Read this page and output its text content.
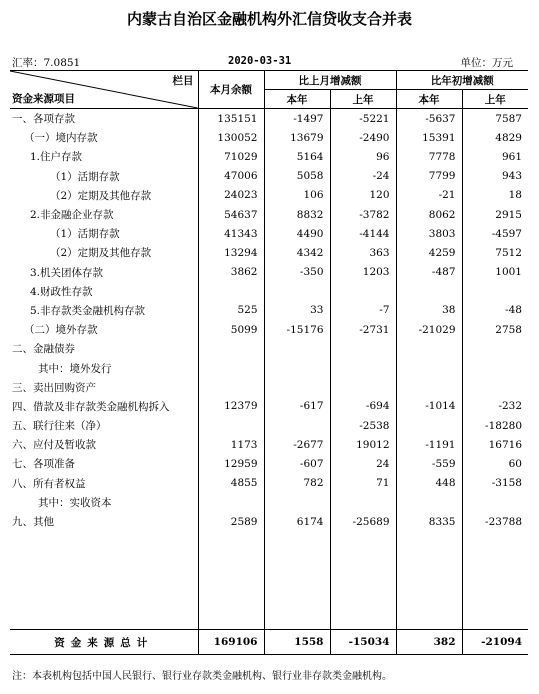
内蒙古自治区金融机构外汇信贷收支合并表
汇率：7.0851	2020-03-31	单位：万元
栏目
资金来源项目	本月余额	比上月增减额		比年初增减额	
		本年	上年	本年	上年
一、各项存款	135151	-1497	-5221	-5637	7587
（一）境内存款	130052	13679	-2490	15391	4829
1.住户存款	71029	5164	96	7778	961
（1）活期存款	47006	5058	-24	7799	943
（2）定期及其他存款	24023	106	120	-21	18
2.非金融企业存款	54637	8832	-3782	8062	2915
（1）活期存款	41343	4490	-4144	3803	-4597
（2）定期及其他存款	13294	4342	363	4259	7512
3.机关团体存款	3862	-350	1203	-487	1001
4.财政性存款					
5.非存款类金融机构存款	525	33	-7	38	-48
（二）境外存款	5099	-15176	-2731	-21029	2758
二、金融债券					
其中：境外发行					
三、卖出回购资产					
四、借款及非存款类金融机构拆入	12379	-617	-694	-1014	-232
五、联行往来（净）			-2538		-18280
六、应付及暂收款	1173	-2677	19012	-1191	16716
七、各项准备	12959	-607	24	-559	60
八、所有者权益	4855	782	71	448	-3158
其中：实收资本					
九、其他	2589	6174	-25689	8335	-23788

资金来源总计	169106	1558	-15034	382	-21094
注：本表机构包括中国人民银行、银行业存款类金融机构、银行业非存款类金融机构。
